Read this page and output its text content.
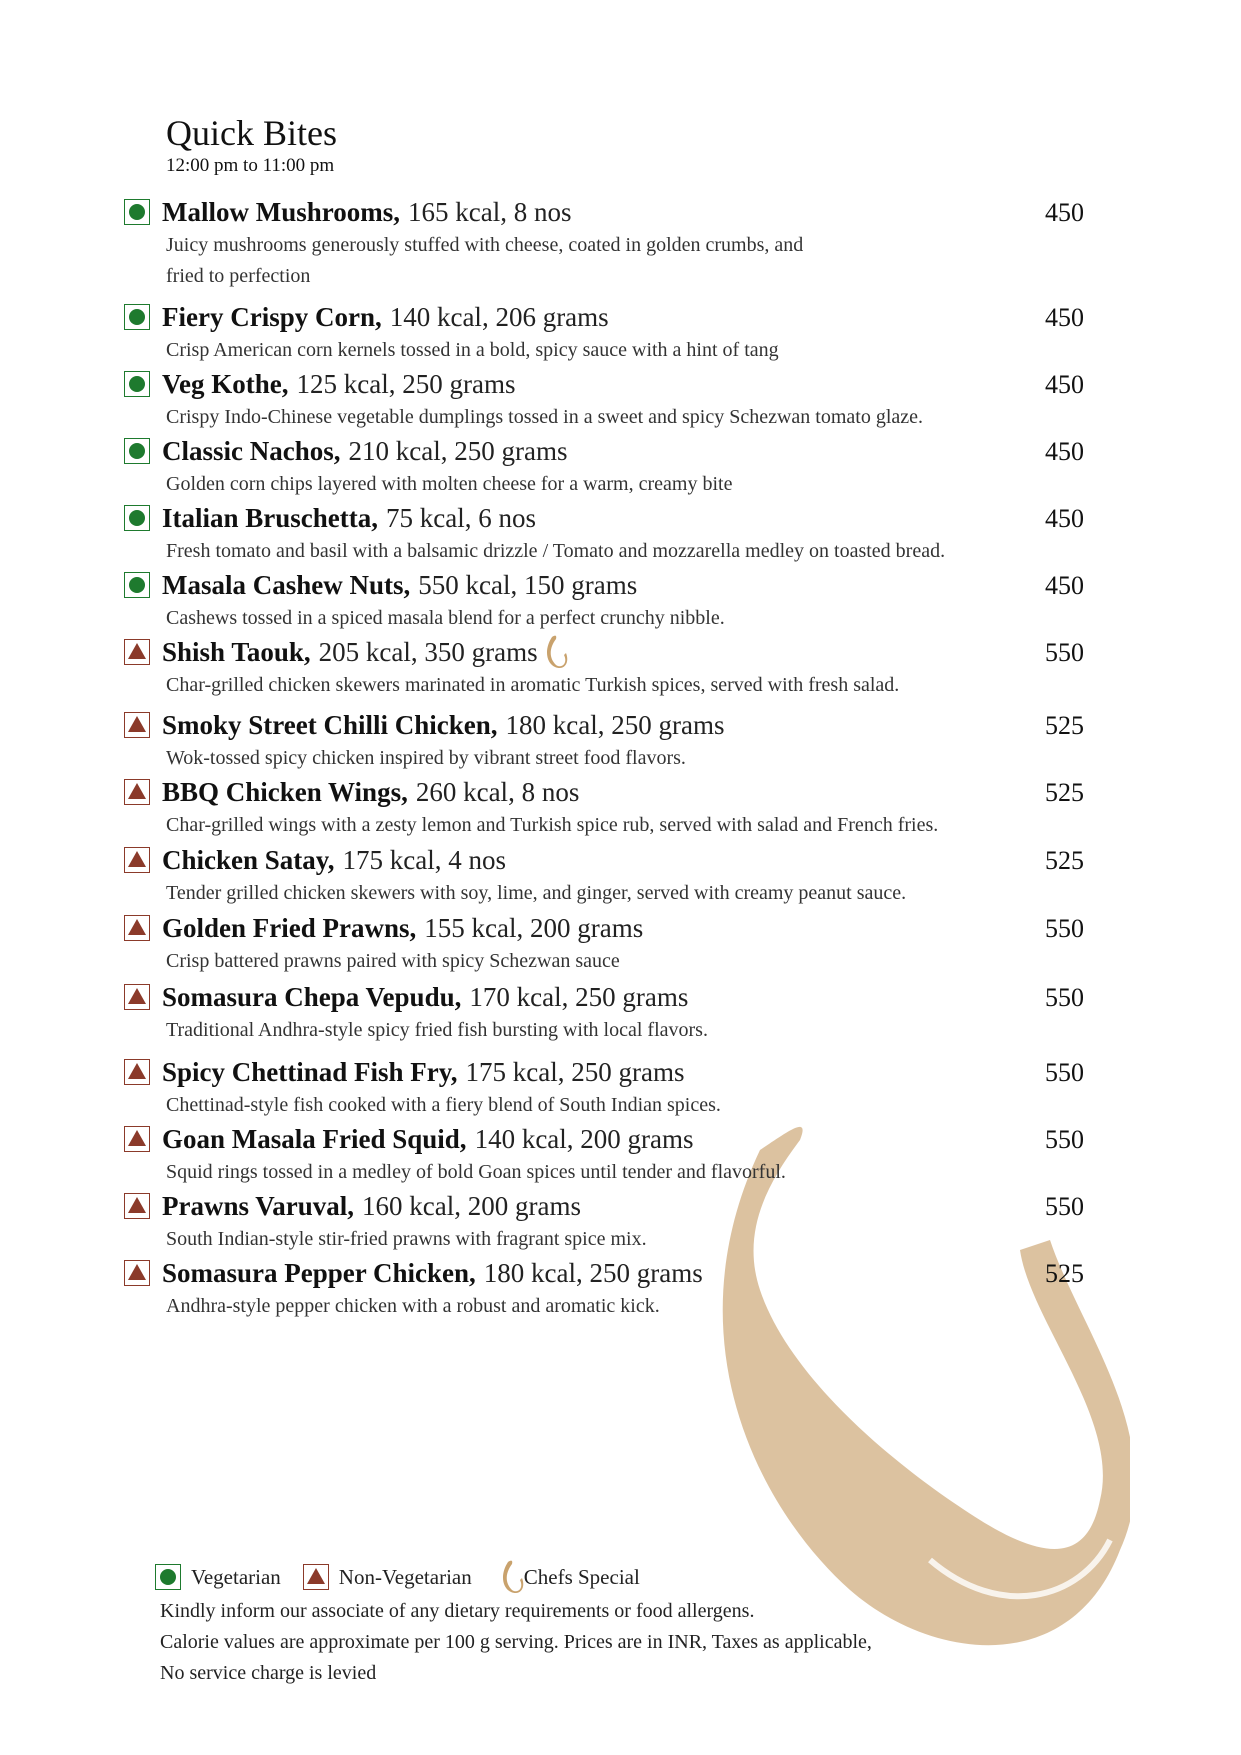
Quick Bites
12:00 pm to 11:00 pm
Mallow Mushrooms, 165 kcal, 8 nos	450
Juicy mushrooms generously stuffed with cheese, coated in golden crumbs, and fried to perfection
Fiery Crispy Corn, 140 kcal, 206 grams	450
Crisp American corn kernels tossed in a bold, spicy sauce with a hint of tang
Veg Kothe, 125 kcal, 250 grams	450
Crispy Indo-Chinese vegetable dumplings tossed in a sweet and spicy Schezwan tomato glaze.
Classic Nachos, 210 kcal, 250 grams	450
Golden corn chips layered with molten cheese for a warm, creamy bite
Italian Bruschetta, 75 kcal, 6 nos	450
Fresh tomato and basil with a balsamic drizzle / Tomato and mozzarella medley on toasted bread.
Masala Cashew Nuts, 550 kcal, 150 grams	450
Cashews tossed in a spiced masala blend for a perfect crunchy nibble.
Shish Taouk, 205 kcal, 350 grams	550
Char-grilled chicken skewers marinated in aromatic Turkish spices, served with fresh salad.
Smoky Street Chilli Chicken, 180 kcal, 250 grams	525
Wok-tossed spicy chicken inspired by vibrant street food flavors.
BBQ Chicken Wings, 260 kcal, 8 nos	525
Char-grilled wings with a zesty lemon and Turkish spice rub, served with salad and French fries.
Chicken Satay, 175 kcal, 4 nos	525
Tender grilled chicken skewers with soy, lime, and ginger, served with creamy peanut sauce.
Golden Fried Prawns, 155 kcal, 200 grams	550
Crisp battered prawns paired with spicy Schezwan sauce
Somasura Chepa Vepudu, 170 kcal, 250 grams	550
Traditional Andhra-style spicy fried fish bursting with local flavors.
Spicy Chettinad Fish Fry, 175 kcal, 250 grams	550
Chettinad-style fish cooked with a fiery blend of South Indian spices.
Goan Masala Fried Squid, 140 kcal, 200 grams	550
Squid rings tossed in a medley of bold Goan spices until tender and flavorful.
Prawns Varuval, 160 kcal, 200 grams	550
South Indian-style stir-fried prawns with fragrant spice mix.
Somasura Pepper Chicken, 180 kcal, 250 grams	525
Andhra-style pepper chicken with a robust and aromatic kick.
Vegetarian	Non-Vegetarian Chefs Special
Kindly inform our associate of any dietary requirements or food allergens.
Calorie values are approximate per 100 g serving. Prices are in INR, Taxes as applicable,
No service charge is levied
